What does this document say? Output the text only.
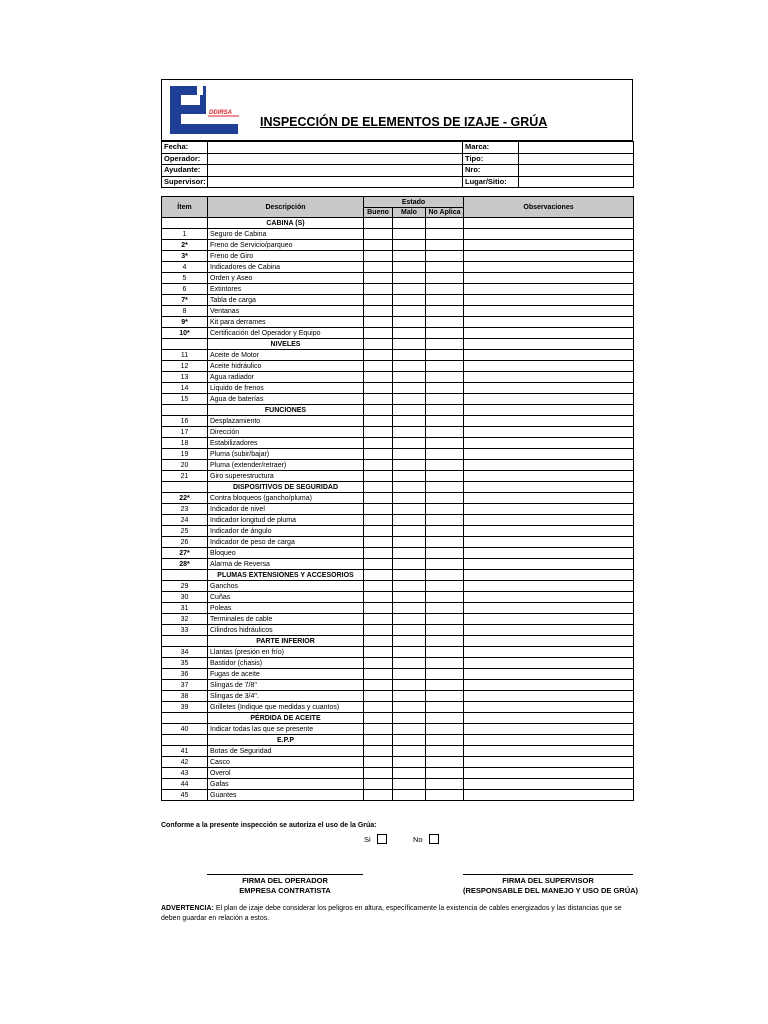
DDIRSA
INSPECCIÓN DE ELEMENTOS DE IZAJE - GRÚA
Fecha:		Marca:	
Operador:		Tipo:	
Ayudante:		Nro:	
Supervisor:		Lugar/Sitio:	
Ítem	Descripción	Estado			Observaciones
		Bueno	Malo	No Aplica	
	CABINA (S)				
1	Seguro de Cabina				
2*	Freno de Servicio/parqueo				
3*	Freno de Giro				
4	Indicadores de Cabina				
5	Orden y Aseo				
6	Extintores				
7*	Tabla de carga				
8	Ventanas				
9*	Kit para derrames				
10*	Certificación del Operador y Equipo				
	NIVELES				
11	Aceite de Motor				
12	Aceite hidráulico				
13	Agua radiador				
14	Liquido de frenos				
15	Agua de baterías				
	FUNCIONES				
16	Desplazamiento				
17	Dirección				
18	Estabilizadores				
19	Pluma (subir/bajar)				
20	Pluma (extender/retraer)				
21	Giro superestructura				
	DISPOSITIVOS DE SEGURIDAD				
22*	Contra bloqueos (gancho/pluma)				
23	Indicador de nivel				
24	Indicador longitud de pluma				
25	Indicador de ángulo				
26	Indicador de peso de carga				
27*	Bloqueo				
28*	Alarma de Reversa				
	PLUMAS EXTENSIONES Y ACCESORIOS				
29	Ganchos				
30	Cuñas				
31	Poleas				
32	Terminales de cable				
33	Cilindros hidráulicos				
	PARTE INFERIOR				
34	Llantas (presión en frío)				
35	Bastidor (chasis)				
36	Fugas de aceite				
37	Slingas de 7/8"				
38	Slingas de 3/4".				
39	Grilletes (Indique que medidas y cuantos)				
	PÉRDIDA DE ACEITE				
40	Indicar todas las que se presente				
	E.P.P				
41	Botas de Seguridad				
42	Casco				
43	Overol				
44	Gafas				
45	Guantes				
Conforme a la presente inspección se autoriza el uso de la Grúa:
Si	No
FIRMA DEL OPERADOR
EMPRESA CONTRATISTA
FIRMA DEL SUPERVISOR
(RESPONSABLE DEL MANEJO Y USO DE GRÚA)
ADVERTENCIA: El plan de izaje debe considerar los peligros en altura, específicamente la existencia de cables energizados y las distancias que se deben guardar en relación a estos.
